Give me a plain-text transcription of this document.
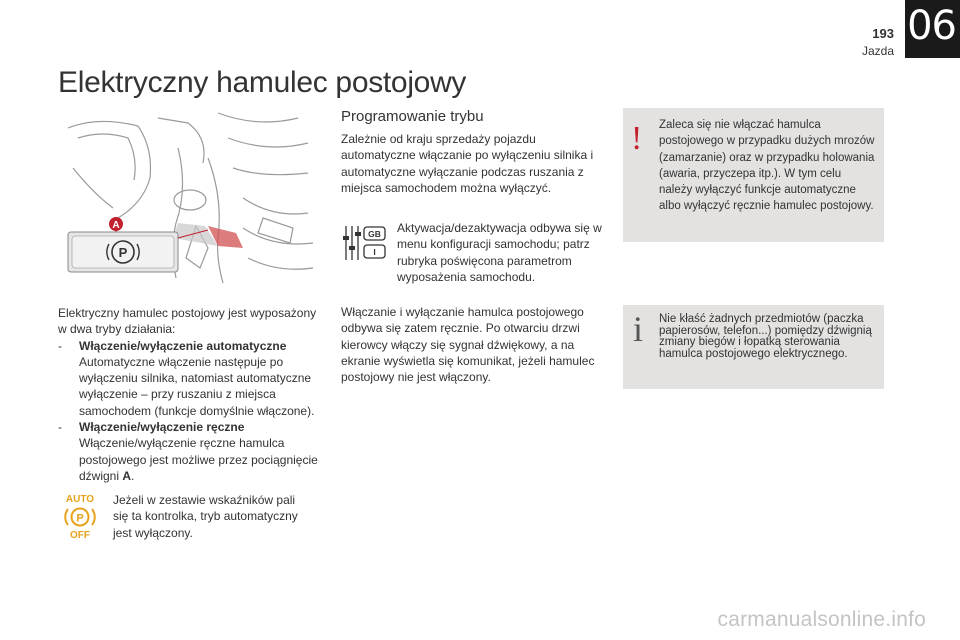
193
Jazda
06
Elektryczny hamulec postojowy
A
P

Elektryczny hamulec postojowy jest wyposażony w dwa tryby działania:

- Włączenie/wyłączenie automatyczne
Automatyczne włączenie następuje po wyłączeniu silnika, natomiast automatyczne wyłączenie – przy ruszaniu z miejsca samochodem (funkcje domyślnie włączone).
- Włączenie/wyłączenie ręczne
Włączenie/wyłączenie ręczne hamulca postojowego jest możliwe przez pociągnięcie dźwigni A.
AUTO
P
OFF
Jeżeli w zestawie wskaźników pali się ta kontrolka, tryb automatyczny jest wyłączony.
Programowanie trybu
Zależnie od kraju sprzedaży pojazdu automatyczne włączanie po wyłączeniu silnika i automatyczne wyłączanie podczas ruszania z miejsca samochodem można wyłączyć.
GB
I
Aktywacja/dezaktywacja odbywa się w menu konfiguracji samochodu; patrz rubryka poświęcona parametrom wyposażenia samochodu.
Włączanie i wyłączanie hamulca postojowego odbywa się zatem ręcznie. Po otwarciu drzwi kierowcy włączy się sygnał dźwiękowy, a na ekranie wyświetla się komunikat, jeżeli hamulec postojowy nie jest włączony.
! Zaleca się nie włączać hamulca postojowego w przypadku dużych mrozów (zamarzanie) oraz w przypadku holowania (awaria, przyczepa itp.). W tym celu należy wyłączyć funkcje automatyczne albo wyłączyć ręcznie hamulec postojowy.
i Nie kłaść żadnych przedmiotów (paczka papierosów, telefon...) pomiędzy dźwignią zmiany biegów i łopatką sterowania hamulca postojowego elektrycznego.
carmanualsonline.info
